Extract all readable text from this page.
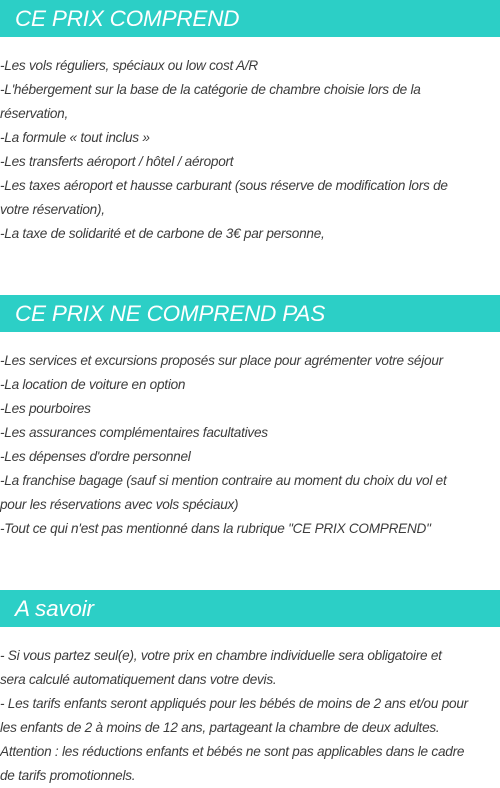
CE PRIX COMPREND

-Les vols réguliers, spéciaux ou low cost A/R

-L'hébergement sur la base de la catégorie de chambre choisie lors de la

réservation,

-La formule « tout inclus »

-Les transferts aéroport / hôtel / aéroport

-Les taxes aéroport et hausse carburant (sous réserve de modification lors de

votre réservation),

-La taxe de solidarité et de carbone de 3€ par personne,

CE PRIX NE COMPREND PAS

-Les services et excursions proposés sur place pour agrémenter votre séjour

-La location de voiture en option

-Les pourboires

-Les assurances complémentaires facultatives

-Les dépenses d'ordre personnel

-La franchise bagage (sauf si mention contraire au moment du choix du vol et

pour les réservations avec vols spéciaux)

-Tout ce qui n'est pas mentionné dans la rubrique "CE PRIX COMPREND"

A savoir

- Si vous partez seul(e), votre prix en chambre individuelle sera obligatoire et

sera calculé automatiquement dans votre devis.

- Les tarifs enfants seront appliqués pour les bébés de moins de 2 ans et/ou pour

les enfants de 2 à moins de 12 ans, partageant la chambre de deux adultes.

Attention : les réductions enfants et bébés ne sont pas applicables dans le cadre

de tarifs promotionnels.
